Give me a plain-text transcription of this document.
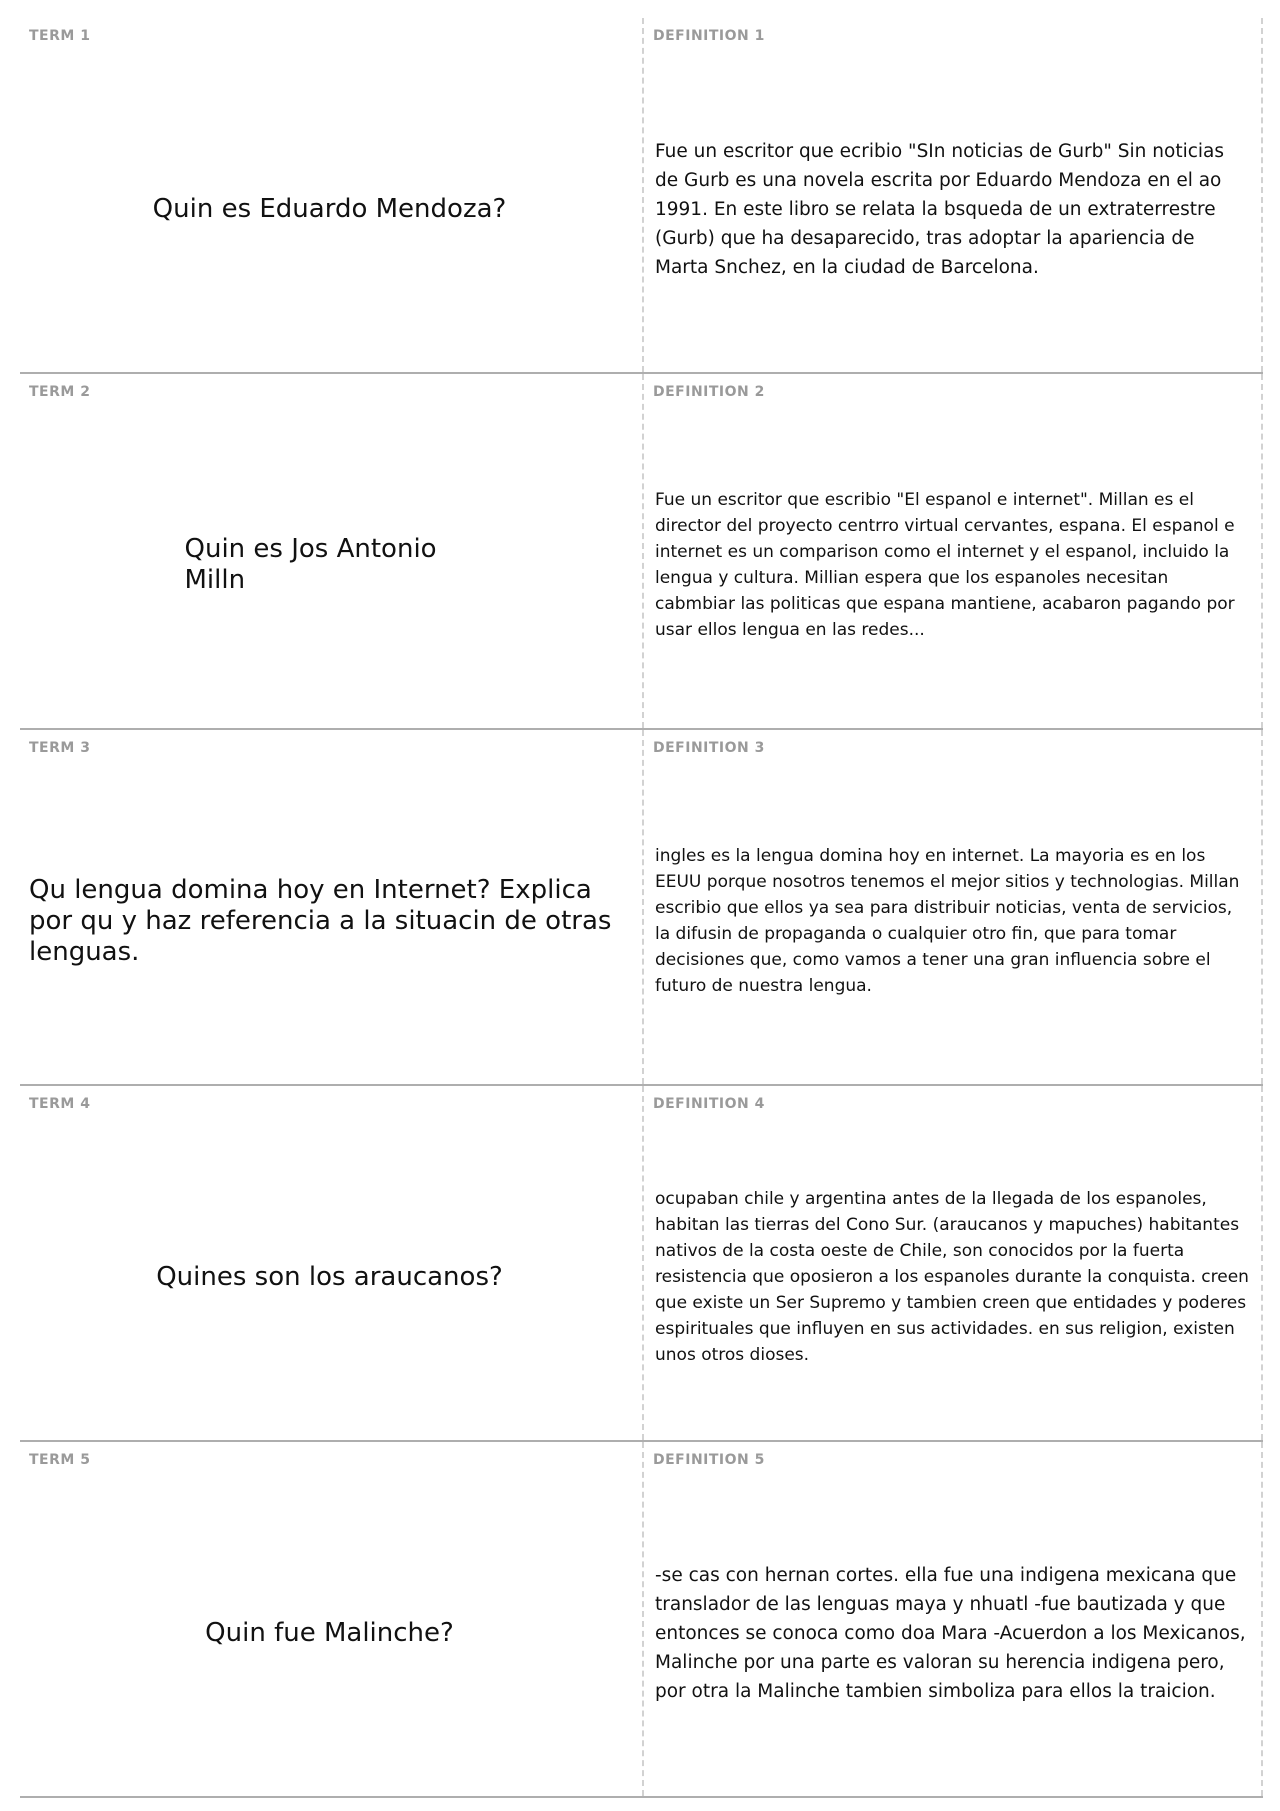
TERM 1
Quin es Eduardo Mendoza?
DEFINITION 1
Fue un escritor que ecribio "SIn noticias de Gurb" Sin noticias de Gurb es una novela escrita por Eduardo Mendoza en el ao 1991. En este libro se relata la bsqueda de un extraterrestre (Gurb) que ha desaparecido, tras adoptar la apariencia de Marta Snchez, en la ciudad de Barcelona.
TERM 2
Quin es Jos Antonio Milln
DEFINITION 2
Fue un escritor que escribio "El espanol e internet". Millan es el director del proyecto centrro virtual cervantes, espana. El espanol e internet es un comparison como el internet y el espanol, incluido la lengua y cultura. Millian espera que los espanoles necesitan cabmbiar las politicas que espana mantiene, acabaron pagando por usar ellos lengua en las redes...
TERM 3
Qu lengua domina hoy en Internet? Explica por qu y haz referencia a la situacin de otras lenguas.
DEFINITION 3
ingles es la lengua domina hoy en internet. La mayoria es en los EEUU porque nosotros tenemos el mejor sitios y technologias. Millan escribio que ellos ya sea para distribuir noticias, venta de servicios, la difusin de propaganda o cualquier otro fin, que para tomar decisiones que, como vamos a tener una gran influencia sobre el futuro de nuestra lengua.
TERM 4
Quines son los araucanos?
DEFINITION 4
ocupaban chile y argentina antes de la llegada de los espanoles, habitan las tierras del Cono Sur. (araucanos y mapuches) habitantes nativos de la costa oeste de Chile, son conocidos por la fuerta resistencia que oposieron a los espanoles durante la conquista. creen que existe un Ser Supremo y tambien creen que entidades y poderes espirituales que influyen en sus actividades. en sus religion, existen unos otros dioses.
TERM 5
Quin fue Malinche?
DEFINITION 5
-se cas con hernan cortes. ella fue una indigena mexicana que translador de las lenguas maya y nhuatl -fue bautizada y que entonces se conoca como doa Mara -Acuerdon a los Mexicanos, Malinche por una parte es valoran su herencia indigena pero, por otra la Malinche tambien simboliza para ellos la traicion.
